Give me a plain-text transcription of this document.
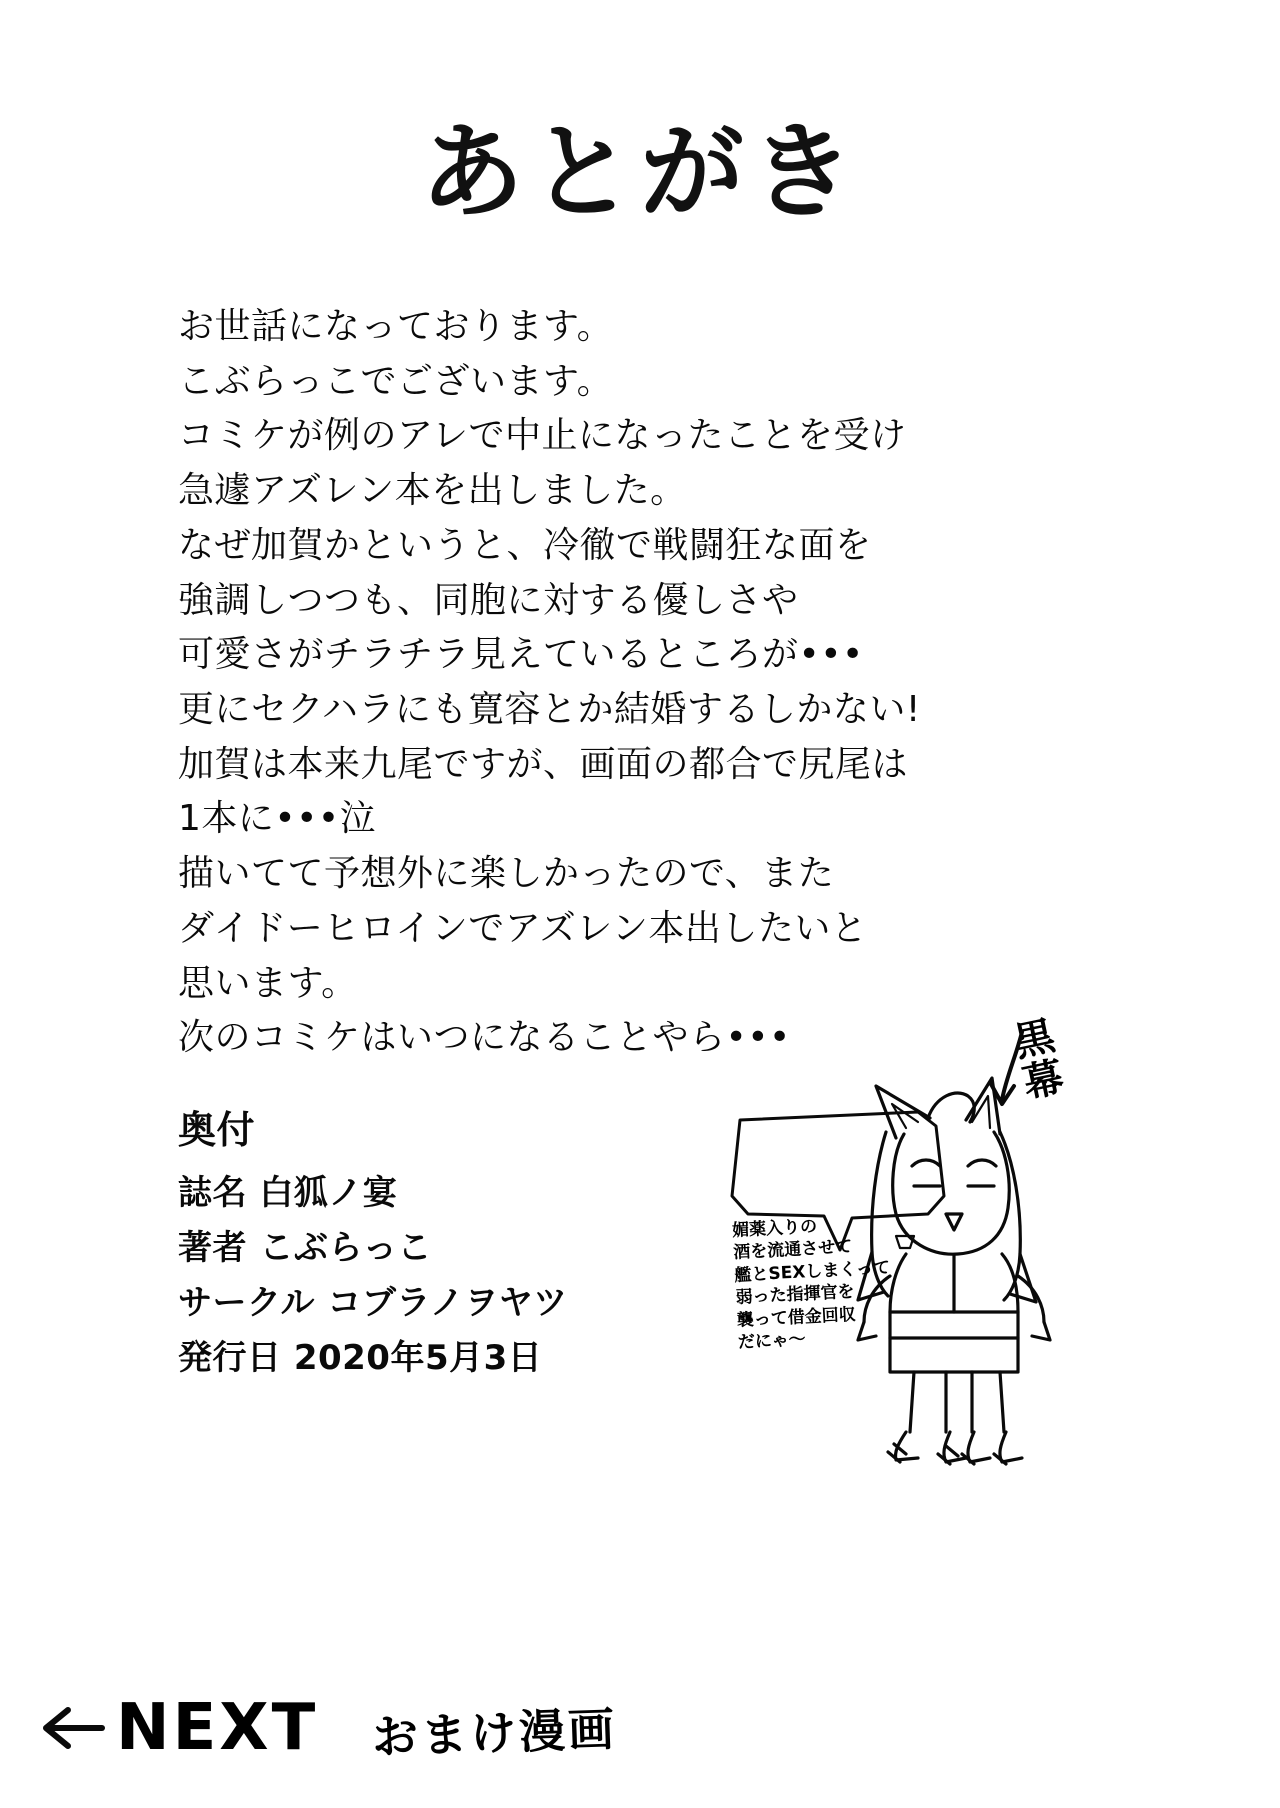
あとがき
お世話になっております。
こぶらっこでございます。
コミケが例のアレで中止になったことを受け
急遽アズレン本を出しました。
なぜ加賀かというと、冷徹で戦闘狂な面を
強調しつつも、同胞に対する優しさや
可愛さがチラチラ見えているところが•••
更にセクハラにも寛容とか結婚するしかない!
加賀は本来九尾ですが、画面の都合で尻尾は
1本に•••泣
描いてて予想外に楽しかったので、また
ダイドーヒロインでアズレン本出したいと
思います。
次のコミケはいつになることやら•••
奥付
誌名 白狐ノ宴
著者 こぶらっこ
サークル コブラノヲヤツ
発行日 2020年5月3日
黒幕
媚薬入りの
酒を流通させて
艦とSEXしまくって
弱った指揮官を
襲って借金回収
だにゃ～
NEXT おまけ漫画
